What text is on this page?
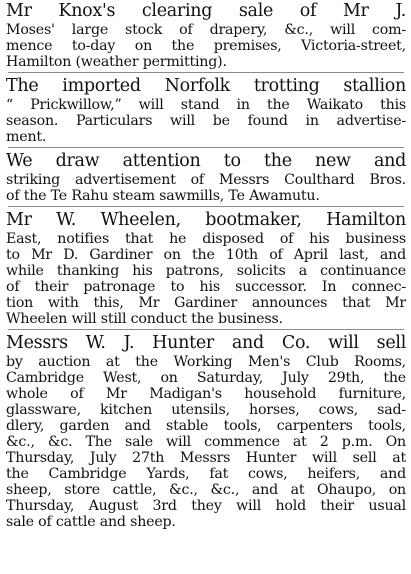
Mr Knox's clearing sale of Mr J.
Moses' large stock of drapery, &c., will com-
mence to-day on the premises, Victoria-street,
Hamilton (weather permitting).
The imported Norfolk trotting stallion
“ Prickwillow,” will stand in the Waikato this
season. Particulars will be found in advertise-
ment.
We draw attention to the new and
striking advertisement of Messrs Coulthard Bros.
of the Te Rahu steam sawmills, Te Awamutu.
Mr W. Wheelen, bootmaker, Hamilton
East, notifies that he disposed of his business
to Mr D. Gardiner on the 10th of April last, and
while thanking his patrons, solicits a continuance
of their patronage to his successor. In connec-
tion with this, Mr Gardiner announces that Mr
Wheelen will still conduct the business.
Messrs W. J. Hunter and Co. will sell
by auction at the Working Men's Club Rooms,
Cambridge West, on Saturday, July 29th, the
whole of Mr Madigan's household furniture,
glassware, kitchen utensils, horses, cows, sad-
dlery, garden and stable tools, carpenters tools,
&c., &c. The sale will commence at 2 p.m. On
Thursday, July 27th Messrs Hunter will sell at
the Cambridge Yards, fat cows, heifers, and
sheep, store cattle, &c., &c., and at Ohaupo, on
Thursday, August 3rd they will hold their usual
sale of cattle and sheep.
